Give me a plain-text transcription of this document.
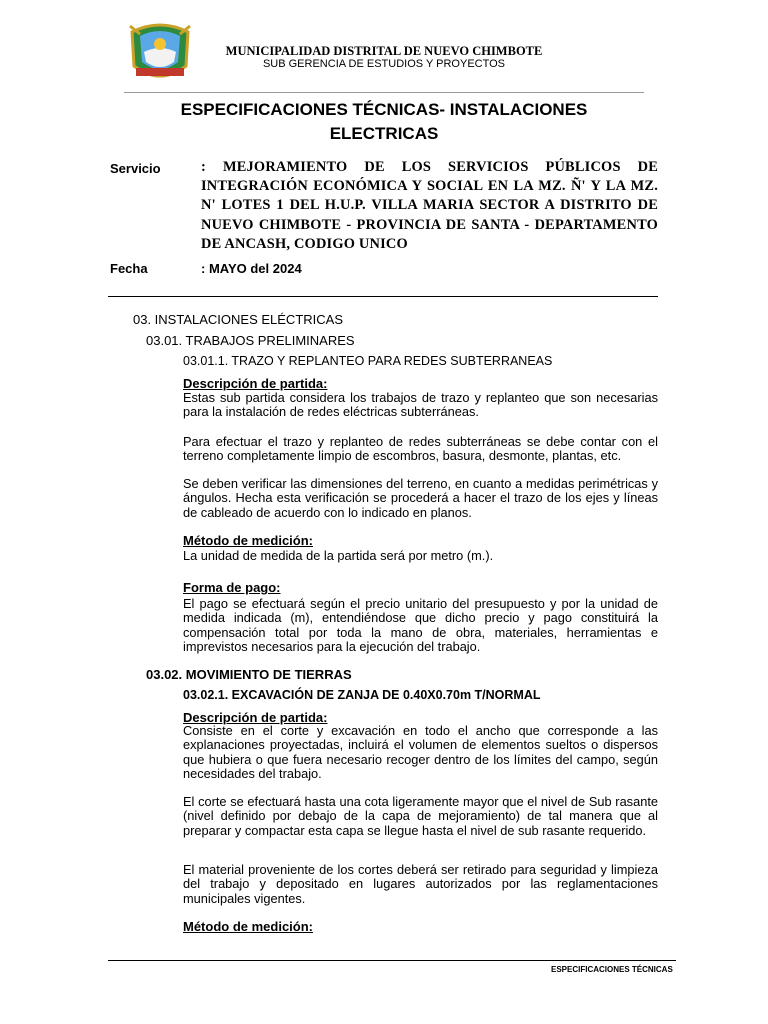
MUNICIPALIDAD DISTRITAL DE NUEVO CHIMBOTE
SUB GERENCIA DE ESTUDIOS Y PROYECTOS
ESPECIFICACIONES TÉCNICAS- INSTALACIONES ELECTRICAS
Servicio	: MEJORAMIENTO DE LOS SERVICIOS PÚBLICOS DE INTEGRACIÓN ECONÓMICA Y SOCIAL EN LA MZ. Ñ' Y LA MZ. N' LOTES 1 DEL H.U.P. VILLA MARIA SECTOR A DISTRITO DE NUEVO CHIMBOTE - PROVINCIA DE SANTA - DEPARTAMENTO DE ANCASH, CODIGO UNICO
Fecha	: MAYO del 2024
03. INSTALACIONES ELÉCTRICAS
03.01. TRABAJOS PRELIMINARES
03.01.1. TRAZO Y REPLANTEO PARA REDES SUBTERRANEAS
Descripción de partida:
Estas sub partida considera los trabajos de trazo y replanteo que son necesarias para la instalación de redes eléctricas subterráneas.
Para efectuar el trazo y replanteo de redes subterráneas se debe contar con el terreno completamente limpio de escombros, basura, desmonte, plantas, etc.
Se deben verificar las dimensiones del terreno, en cuanto a medidas perimétricas y ángulos. Hecha esta verificación se procederá a hacer el trazo de los ejes y líneas de cableado de acuerdo con lo indicado en planos.
Método de medición:
La unidad de medida de la partida será por metro (m.).
Forma de pago:
El pago se efectuará según el precio unitario del presupuesto y por la unidad de medida indicada (m), entendiéndose que dicho precio y pago constituirá la compensación total por toda la mano de obra, materiales, herramientas e imprevistos necesarios para la ejecución del trabajo.
03.02. MOVIMIENTO DE TIERRAS
03.02.1. EXCAVACIÓN DE ZANJA DE 0.40X0.70m T/NORMAL
Descripción de partida:
Consiste en el corte y excavación en todo el ancho que corresponde a las explanaciones proyectadas, incluirá el volumen de elementos sueltos o dispersos que hubiera o que fuera necesario recoger dentro de los límites del campo, según necesidades del trabajo.
El corte se efectuará hasta una cota ligeramente mayor que el nivel de Sub rasante (nivel definido por debajo de la capa de mejoramiento) de tal manera que al preparar y compactar esta capa se llegue hasta el nivel de sub rasante requerido.
El material proveniente de los cortes deberá ser retirado para seguridad y limpieza del trabajo y depositado en lugares autorizados por las reglamentaciones municipales vigentes.
Método de medición:
ESPECIFICACIONES TÉCNICAS
